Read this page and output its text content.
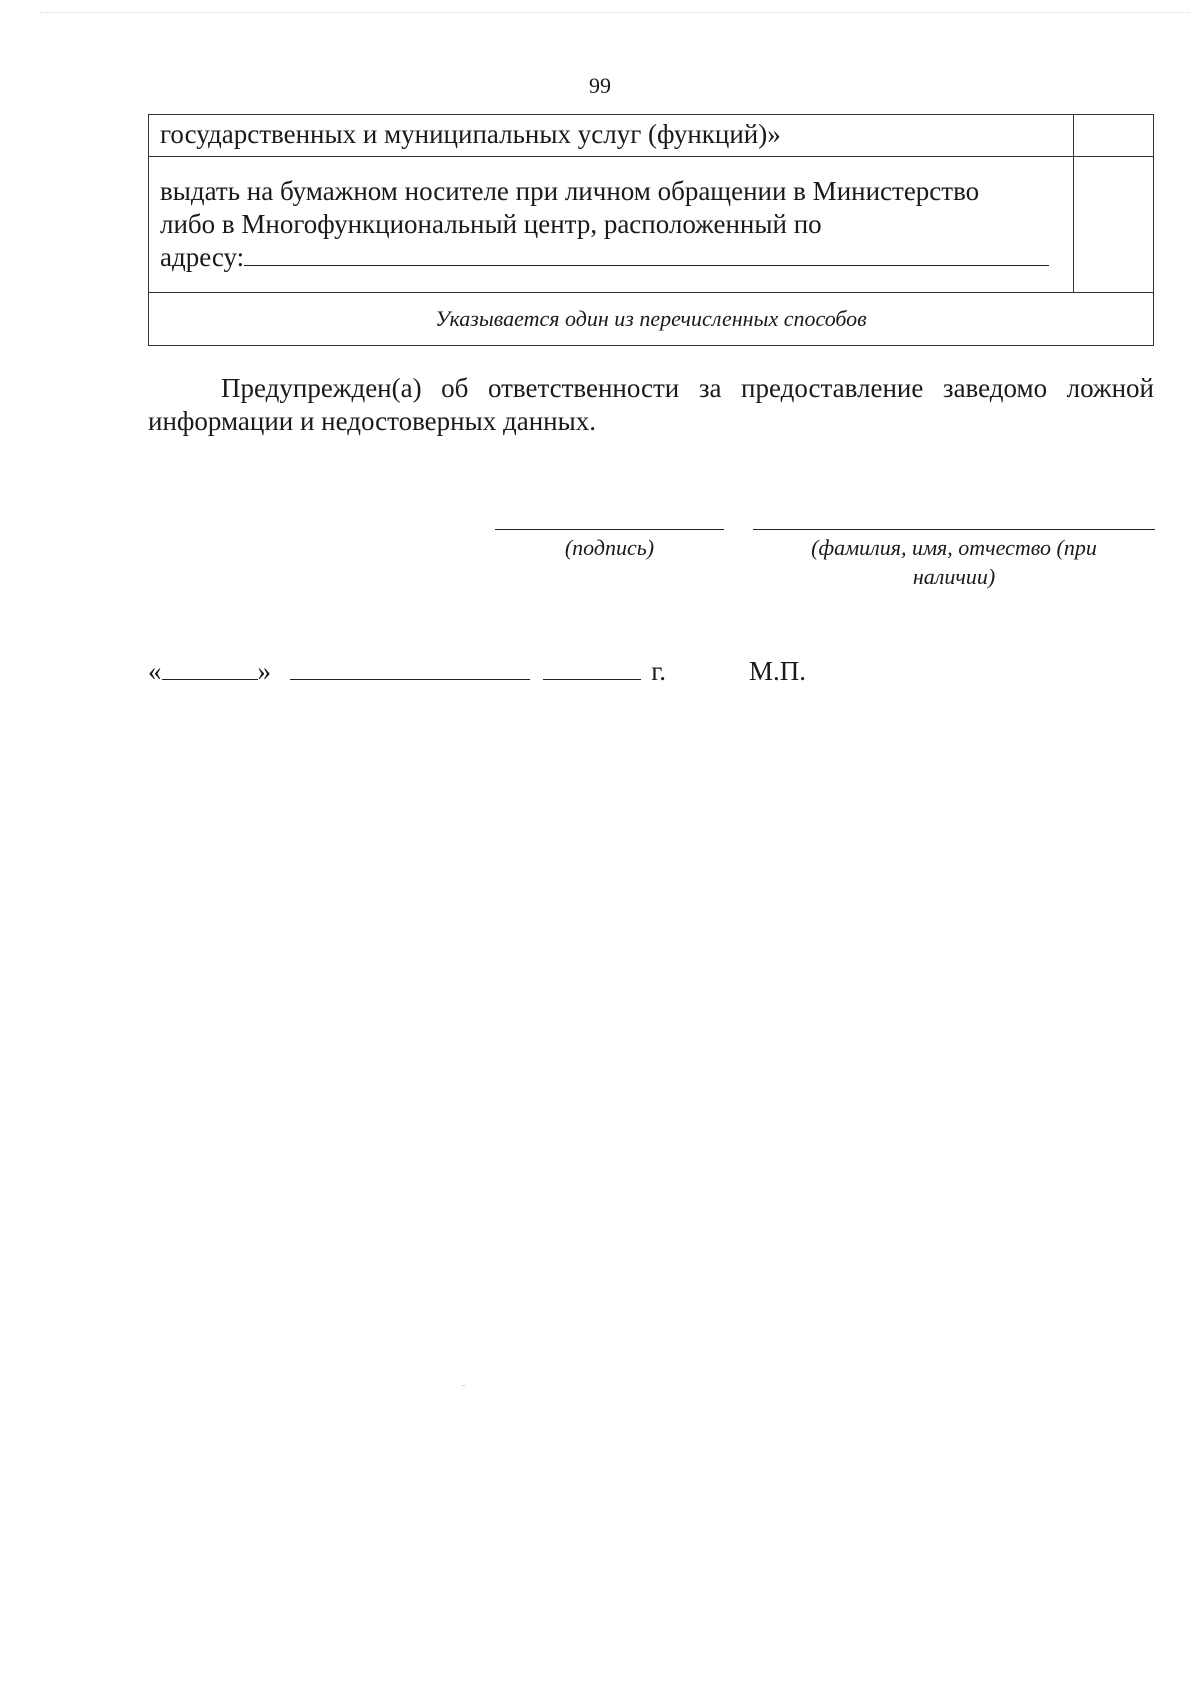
99
государственных и муниципальных услуг (функций)»	

выдать на бумажном носителе при личном обращении в Министерство
либо в Многофункциональный центр, расположенный по
адресу:	

Указывается один из перечисленных способов	
Предупрежден(а) об ответственности за предоставление заведомо ложной информации и недостоверных данных.
(подпись)	(фамилия, имя, отчество (при
наличии)
«	»	г.	М.П.
